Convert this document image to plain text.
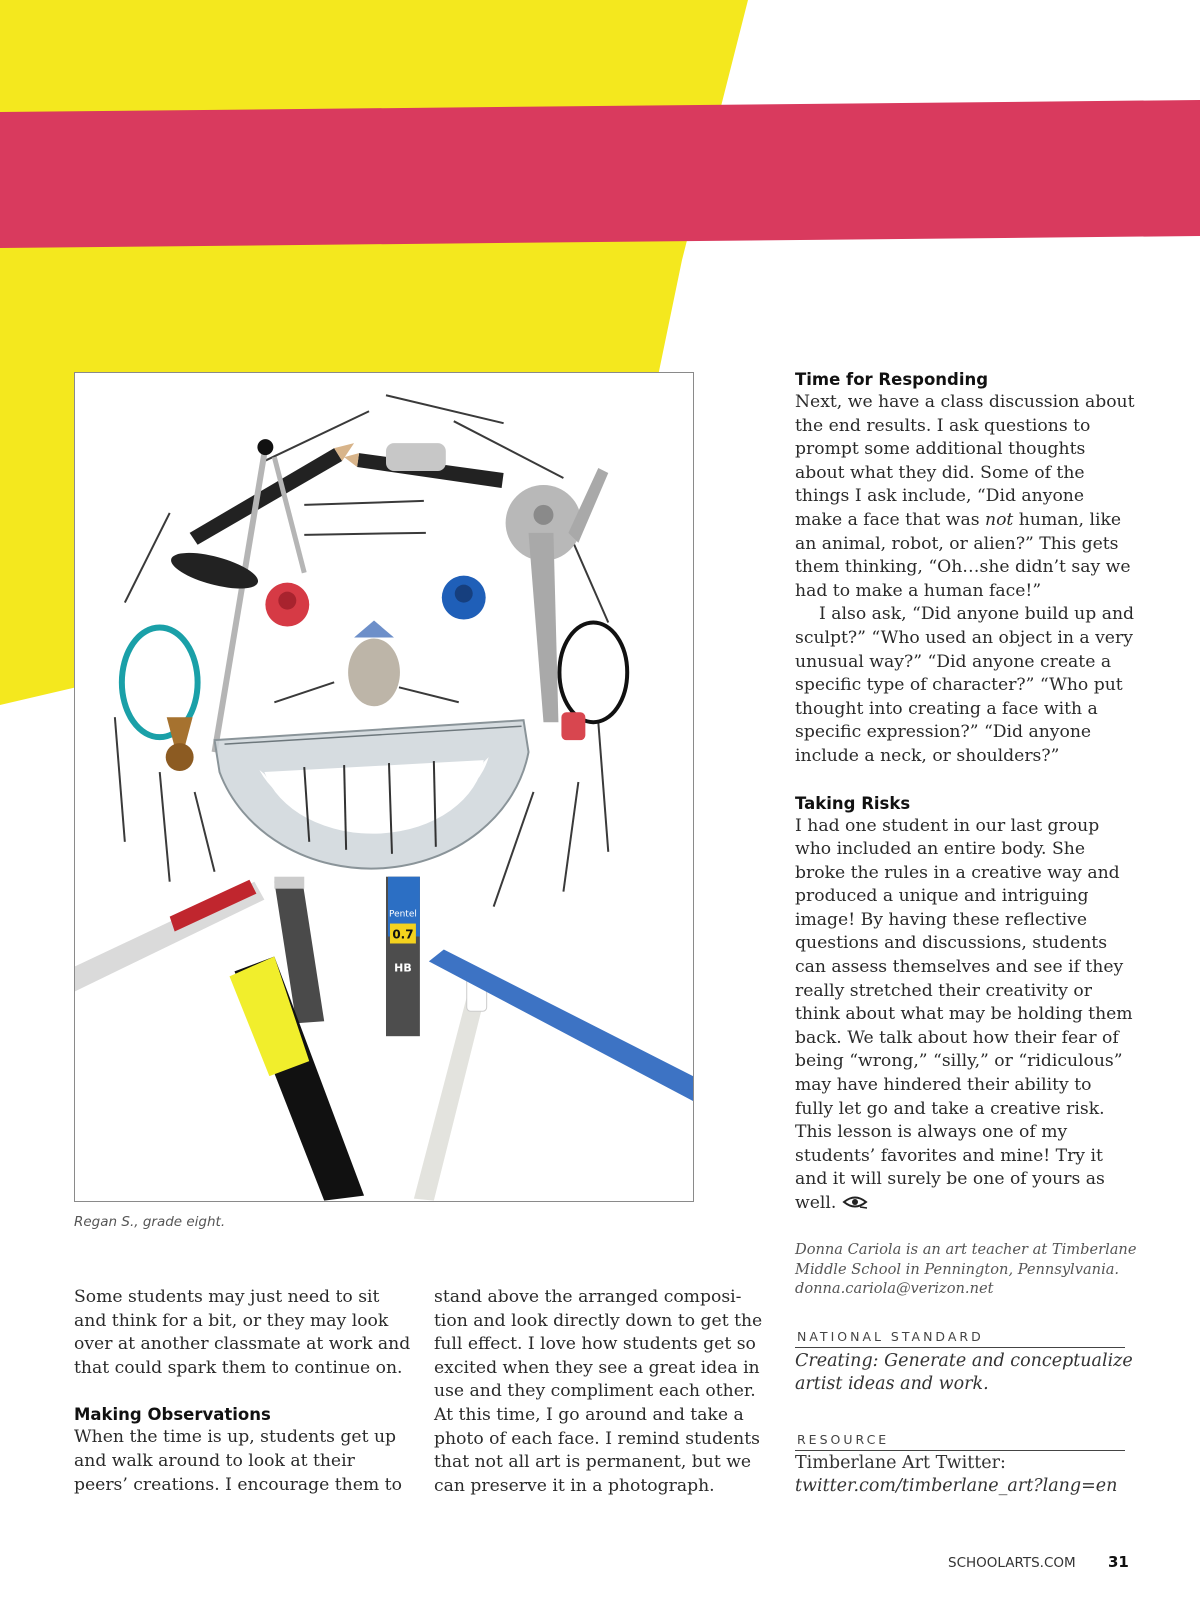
Pentel
0.7
HB
Regan S., grade eight.

Some students may just need to sit and think for a bit, or they may look over at another classmate at work and that could spark them to continue on.

Making Observations

When the time is up, students get up and walk around to look at their peers’ creations. I encourage them to

stand above the arranged composition and look directly down to get the full effect. I love how students get so excited when they see a great idea in use and they compliment each other. At this time, I go around and take a photo of each face. I remind students that not all art is permanent, but we can preserve it in a photograph.

Time for Responding

Next, we have a class discussion about the end results. I ask questions to prompt some additional thoughts about what they did. Some of the things I ask include, “Did anyone make a face that was not human, like an animal, robot, or alien?” This gets them thinking, “Oh…she didn’t say we had to make a human face!”

I also ask, “Did anyone build up and sculpt?” “Who used an object in a very unusual way?” “Did anyone create a specific type of character?” “Who put thought into creating a face with a specific expression?” “Did anyone include a neck, or shoulders?”

Taking Risks

I had one student in our last group who included an entire body. She broke the rules in a creative way and produced a unique and intriguing image! By having these reflective questions and discussions, students can assess themselves and see if they really stretched their creativity or think about what may be holding them back. We talk about how their fear of being “wrong,” “silly,” or “ridiculous” may have hindered their ability to fully let go and take a creative risk. This lesson is always one of my students’ favorites and mine! Try it and it will surely be one of yours as well.

Donna Cariola is an art teacher at Timberlane Middle School in Pennington, Pennsylvania. donna.cariola@verizon.net

NATIONAL STANDARD

Creating: Generate and conceptualize artist ideas and work.

RESOURCE

Timberlane Art Twitter: twitter.com/timberlane_art?lang=en

SCHOOLARTS.COM 31
